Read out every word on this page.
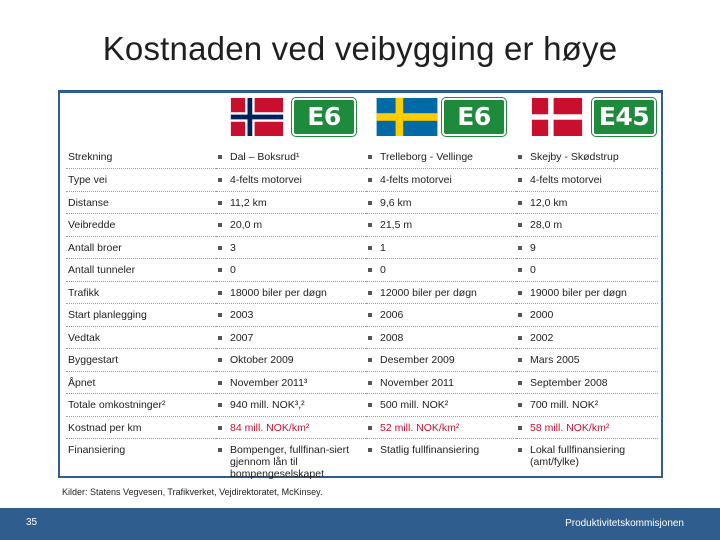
Kostnaden ved veibygging er høye
E6	E6	E45
Strekning	Dal – Boksrud¹	Trelleborg - Vellinge	Skejby - Skødstrup
Type vei	4-felts motorvei	4-felts motorvei	4-felts motorvei
Distanse	11,2 km	9,6 km	12,0 km
Veibredde	20,0 m	21,5 m	28,0 m
Antall broer	3	1	9
Antall tunneler	0	0	0
Trafikk	18000 biler per døgn	12000 biler per døgn	19000 biler per døgn
Start planlegging	2003	2006	2000
Vedtak	2007	2008	2002
Byggestart	Oktober 2009	Desember 2009	Mars 2005
Åpnet	November 2011³	November 2011	September 2008
Totale omkostninger²	940 mill. NOK³,²	500 mill. NOK²	700 mill. NOK²
Kostnad per km	84 mill. NOK/km²	52 mill. NOK/km²	58 mill. NOK/km²
Finansiering	Bompenger, fullfinan-siert gjennom lån til bompengeselskapet	Statlig fullfinansiering	Lokal fullfinansiering (amt/fylke)
Kilder: Statens Vegvesen, Trafikverket, Vejdirektoratet, McKinsey.
35	Produktivitetskommisjonen
